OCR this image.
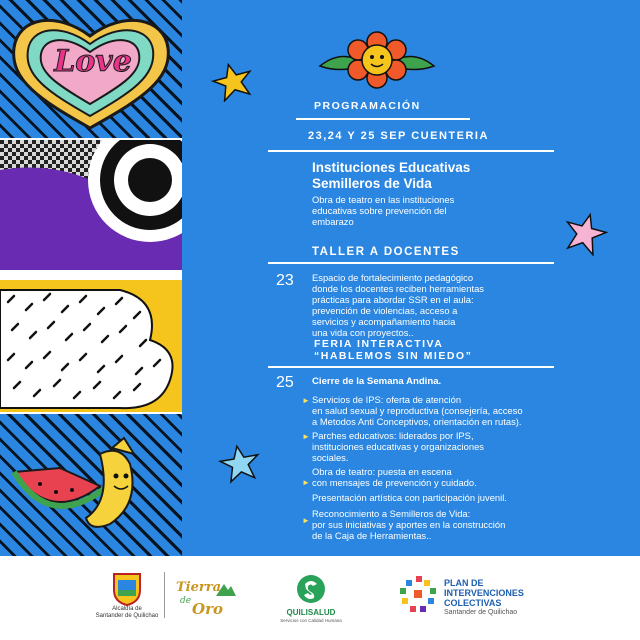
Love
PROGRAMACIÓN
23,24 Y 25 SEP CUENTERIA
Instituciones Educativas
Semilleros de Vida
Obra de teatro en las instituciones
educativas sobre prevención del
embarazo
TALLER A DOCENTES
23 Espacio de fortalecimiento pedagógico
donde los docentes reciben herramientas
prácticas para abordar SSR en el aula:
prevención de violencias, acceso a
servicios y acompañamiento hacia
una vida con proyectos..
FERIA INTERACTIVA
“HABLEMOS SIN MIEDO”
25 Cierre de la Semana Andina.
► Servicios de IPS: oferta de atención
en salud sexual y reproductiva (consejería, acceso
a Metodos Anti Conceptivos, orientación en rutas).
► Parches educativos: liderados por IPS,
instituciones educativas y organizaciones
sociales.
►
Obra de teatro: puesta en escena
con mensajes de prevención y cuidado.
►
Presentación artística con participación juvenil.
Reconocimiento a Semilleros de Vida:
por sus iniciativas y aportes en la construcción
de la Caja de Herramientas..
Alcaldía de
Santander de Quilichao
Tierra
de Oro	QUILISALUD
Servicios con Calidad Humana
PLAN DE
INTERVENCIONES
COLECTIVAS
Santander de Quilichao
